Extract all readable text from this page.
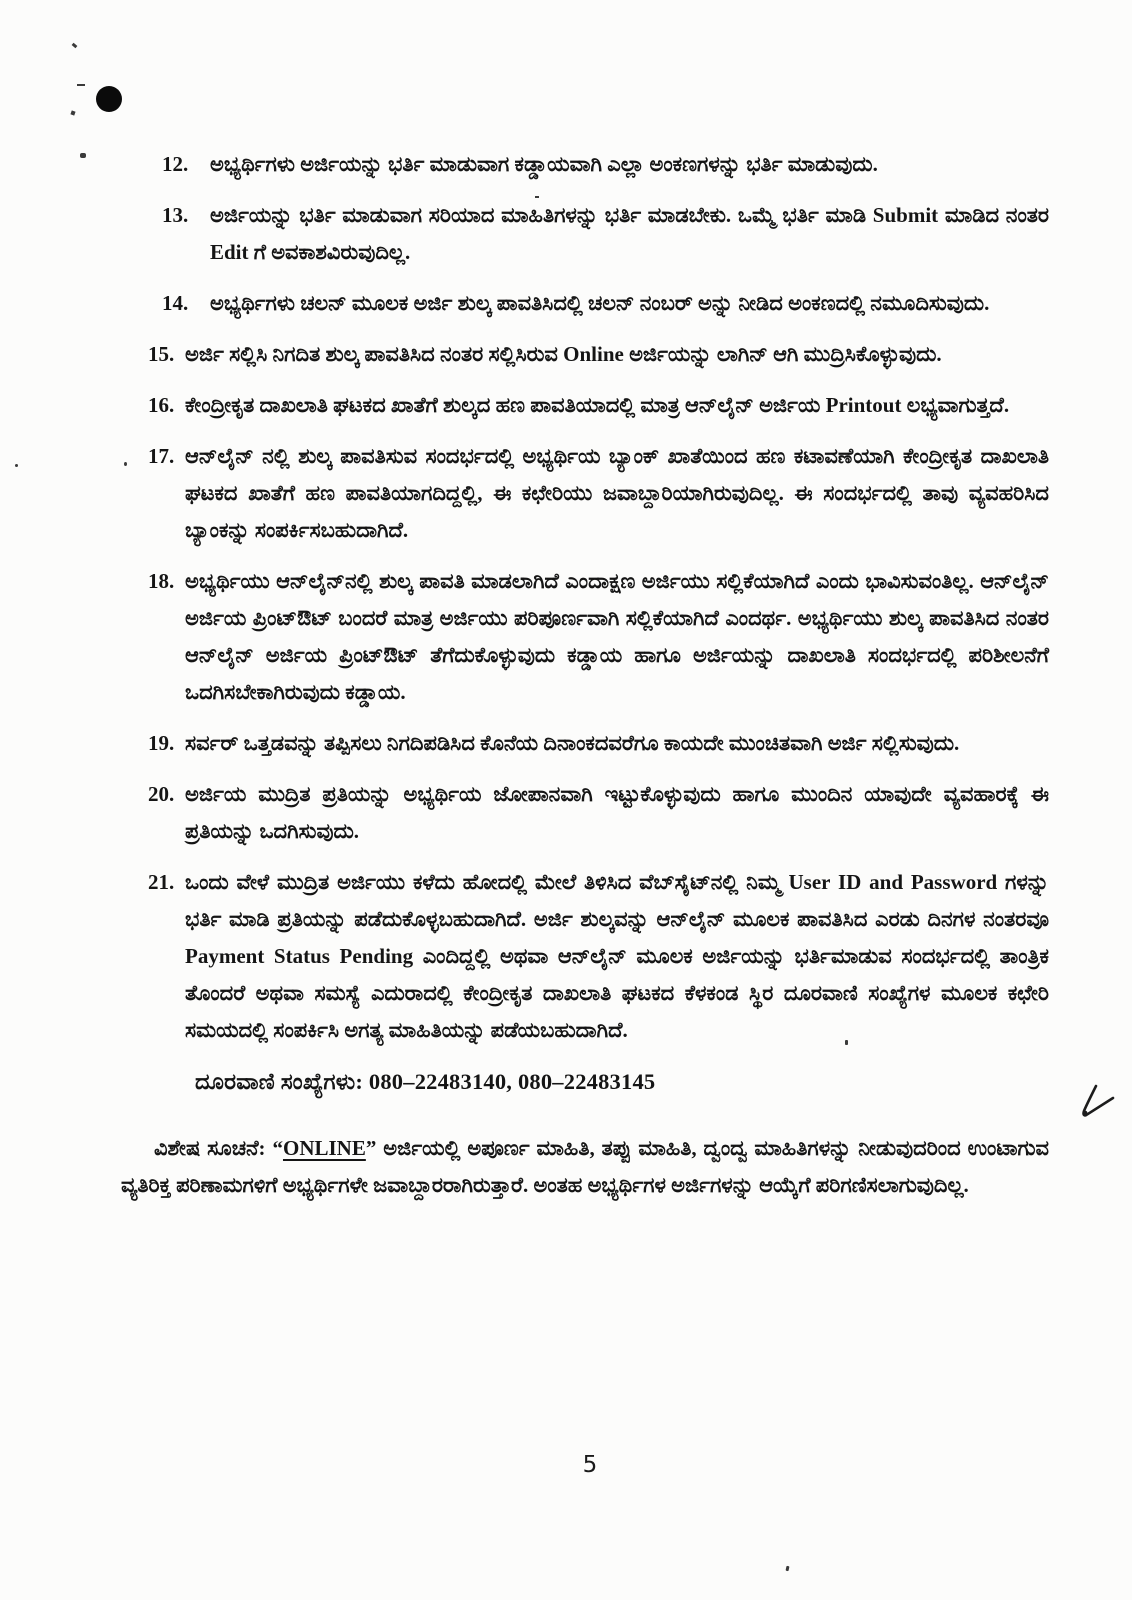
12.	ಅಭ್ಯರ್ಥಿಗಳು ಅರ್ಜಿಯನ್ನು ಭರ್ತಿ ಮಾಡುವಾಗ ಕಡ್ಡಾಯವಾಗಿ ಎಲ್ಲಾ ಅಂಕಣಗಳನ್ನು ಭರ್ತಿ ಮಾಡುವುದು.
13.	ಅರ್ಜಿಯನ್ನು ಭರ್ತಿ ಮಾಡುವಾಗ ಸರಿಯಾದ ಮಾಹಿತಿಗಳನ್ನು ಭರ್ತಿ ಮಾಡಬೇಕು. ಒಮ್ಮೆ ಭರ್ತಿ ಮಾಡಿ Submit ಮಾಡಿದ ನಂತರ Edit ಗೆ ಅವಕಾಶವಿರುವುದಿಲ್ಲ.
14.	ಅಭ್ಯರ್ಥಿಗಳು ಚಲನ್ ಮೂಲಕ ಅರ್ಜಿ ಶುಲ್ಕ ಪಾವತಿಸಿದಲ್ಲಿ ಚಲನ್ ನಂಬರ್ ಅನ್ನು ನೀಡಿದ ಅಂಕಣದಲ್ಲಿ ನಮೂದಿಸುವುದು.
15. ಅರ್ಜಿ ಸಲ್ಲಿಸಿ ನಿಗದಿತ ಶುಲ್ಕ ಪಾವತಿಸಿದ ನಂತರ ಸಲ್ಲಿಸಿರುವ Online ಅರ್ಜಿಯನ್ನು ಲಾಗಿನ್ ಆಗಿ ಮುದ್ರಿಸಿಕೊಳ್ಳುವುದು.
16. ಕೇಂದ್ರೀಕೃತ ದಾಖಲಾತಿ ಘಟಕದ ಖಾತೆಗೆ ಶುಲ್ಕದ ಹಣ ಪಾವತಿಯಾದಲ್ಲಿ ಮಾತ್ರ ಆನ್‌ಲೈನ್ ಅರ್ಜಿಯ Printout ಲಭ್ಯವಾಗುತ್ತದೆ.
17. ಆನ್‌ಲೈನ್ ನಲ್ಲಿ ಶುಲ್ಕ ಪಾವತಿಸುವ ಸಂದರ್ಭದಲ್ಲಿ ಅಭ್ಯರ್ಥಿಯ ಬ್ಯಾಂಕ್ ಖಾತೆಯಿಂದ ಹಣ ಕಟಾವಣೆಯಾಗಿ ಕೇಂದ್ರೀಕೃತ ದಾಖಲಾತಿ ಘಟಕದ ಖಾತೆಗೆ ಹಣ ಪಾವತಿಯಾಗದಿದ್ದಲ್ಲಿ, ಈ ಕಛೇರಿಯು ಜವಾಬ್ದಾರಿಯಾಗಿರುವುದಿಲ್ಲ. ಈ ಸಂದರ್ಭದಲ್ಲಿ ತಾವು ವ್ಯವಹರಿಸಿದ ಬ್ಯಾಂಕನ್ನು ಸಂಪರ್ಕಿಸಬಹುದಾಗಿದೆ.
18. ಅಭ್ಯರ್ಥಿಯು ಆನ್‌ಲೈನ್‌ನಲ್ಲಿ ಶುಲ್ಕ ಪಾವತಿ ಮಾಡಲಾಗಿದೆ ಎಂದಾಕ್ಷಣ ಅರ್ಜಿಯು ಸಲ್ಲಿಕೆಯಾಗಿದೆ ಎಂದು ಭಾವಿಸುವಂತಿಲ್ಲ. ಆನ್‌ಲೈನ್ ಅರ್ಜಿಯ ಪ್ರಿಂಟ್‌ಔಟ್ ಬಂದರೆ ಮಾತ್ರ ಅರ್ಜಿಯು ಪರಿಪೂರ್ಣವಾಗಿ ಸಲ್ಲಿಕೆಯಾಗಿದೆ ಎಂದರ್ಥ. ಅಭ್ಯರ್ಥಿಯು ಶುಲ್ಕ ಪಾವತಿಸಿದ ನಂತರ ಆನ್‌ಲೈನ್ ಅರ್ಜಿಯ ಪ್ರಿಂಟ್‌ಔಟ್ ತೆಗೆದುಕೊಳ್ಳುವುದು ಕಡ್ಡಾಯ ಹಾಗೂ ಅರ್ಜಿಯನ್ನು ದಾಖಲಾತಿ ಸಂದರ್ಭದಲ್ಲಿ ಪರಿಶೀಲನೆಗೆ ಒದಗಿಸಬೇಕಾಗಿರುವುದು ಕಡ್ಡಾಯ.
19. ಸರ್ವರ್ ಒತ್ತಡವನ್ನು ತಪ್ಪಿಸಲು ನಿಗದಿಪಡಿಸಿದ ಕೊನೆಯ ದಿನಾಂಕದವರೆಗೂ ಕಾಯದೇ ಮುಂಚಿತವಾಗಿ ಅರ್ಜಿ ಸಲ್ಲಿಸುವುದು.
20. ಅರ್ಜಿಯ ಮುದ್ರಿತ ಪ್ರತಿಯನ್ನು ಅಭ್ಯರ್ಥಿಯ ಜೋಪಾನವಾಗಿ ಇಟ್ಟುಕೊಳ್ಳುವುದು ಹಾಗೂ ಮುಂದಿನ ಯಾವುದೇ ವ್ಯವಹಾರಕ್ಕೆ ಈ ಪ್ರತಿಯನ್ನು ಒದಗಿಸುವುದು.
21. ಒಂದು ವೇಳೆ ಮುದ್ರಿತ ಅರ್ಜಿಯು ಕಳೆದು ಹೋದಲ್ಲಿ ಮೇಲೆ ತಿಳಿಸಿದ ವೆಬ್‌ಸೈಟ್‌ನಲ್ಲಿ ನಿಮ್ಮ User ID and Password ಗಳನ್ನು ಭರ್ತಿ ಮಾಡಿ ಪ್ರತಿಯನ್ನು ಪಡೆದುಕೊಳ್ಳಬಹುದಾಗಿದೆ. ಅರ್ಜಿ ಶುಲ್ಕವನ್ನು ಆನ್‌ಲೈನ್ ಮೂಲಕ ಪಾವತಿಸಿದ ಎರಡು ದಿನಗಳ ನಂತರವೂ Payment Status Pending ಎಂದಿದ್ದಲ್ಲಿ ಅಥವಾ ಆನ್‌ಲೈನ್ ಮೂಲಕ ಅರ್ಜಿಯನ್ನು ಭರ್ತಿಮಾಡುವ ಸಂದರ್ಭದಲ್ಲಿ ತಾಂತ್ರಿಕ ತೊಂದರೆ ಅಥವಾ ಸಮಸ್ಯೆ ಎದುರಾದಲ್ಲಿ ಕೇಂದ್ರೀಕೃತ ದಾಖಲಾತಿ ಘಟಕದ ಕೆಳಕಂಡ ಸ್ಥಿರ ದೂರವಾಣಿ ಸಂಖ್ಯೆಗಳ ಮೂಲಕ ಕಛೇರಿ ಸಮಯದಲ್ಲಿ ಸಂಪರ್ಕಿಸಿ ಅಗತ್ಯ ಮಾಹಿತಿಯನ್ನು ಪಡೆಯಬಹುದಾಗಿದೆ.
ದೂರವಾಣಿ ಸಂಖ್ಯೆಗಳು: 080–22483140, 080–22483145
ವಿಶೇಷ ಸೂಚನೆ: “ONLINE” ಅರ್ಜಿಯಲ್ಲಿ ಅಪೂರ್ಣ ಮಾಹಿತಿ, ತಪ್ಪು ಮಾಹಿತಿ, ದ್ವಂದ್ವ ಮಾಹಿತಿಗಳನ್ನು ನೀಡುವುದರಿಂದ ಉಂಟಾಗುವ ವ್ಯತಿರಿಕ್ತ ಪರಿಣಾಮಗಳಿಗೆ ಅಭ್ಯರ್ಥಿಗಳೇ ಜವಾಬ್ದಾರರಾಗಿರುತ್ತಾರೆ. ಅಂತಹ ಅಭ್ಯರ್ಥಿಗಳ ಅರ್ಜಿಗಳನ್ನು ಆಯ್ಕೆಗೆ ಪರಿಗಣಿಸಲಾಗುವುದಿಲ್ಲ.
5
